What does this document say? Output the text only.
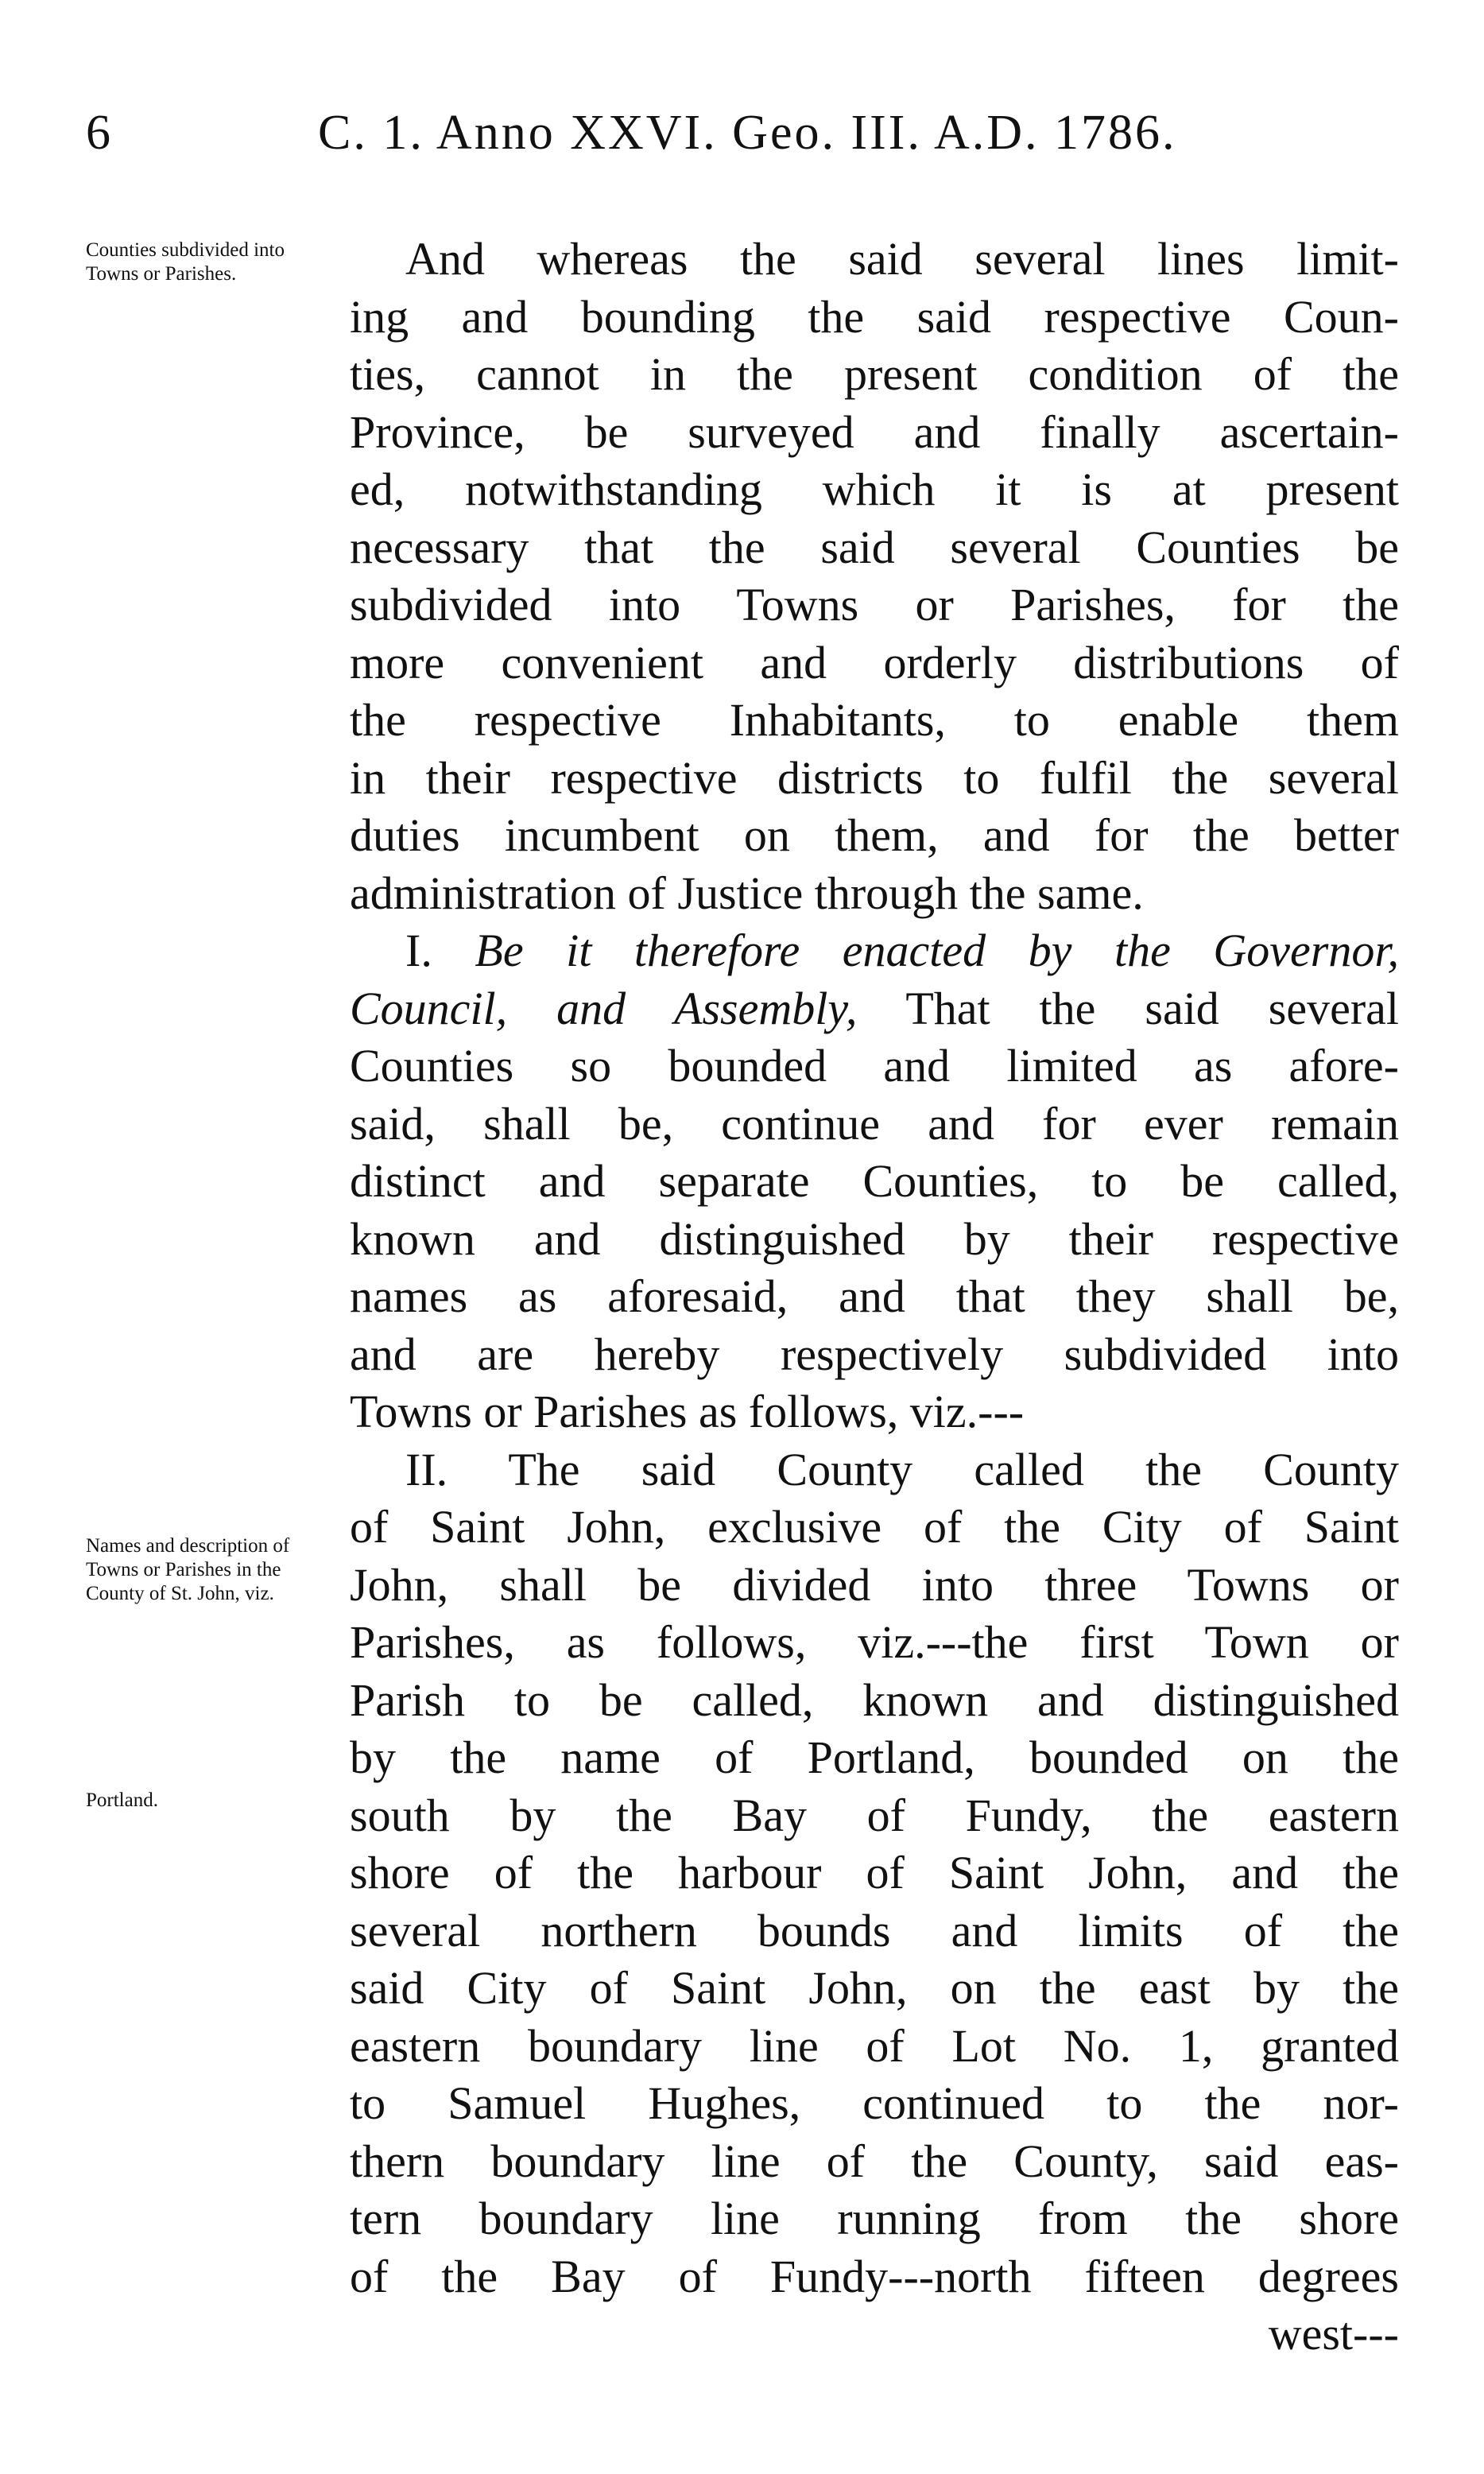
6	C. 1. Anno XXVI. Geo. III. A.D. 1786.
Counties subdivided into Towns or Parishes.
Names and description of Towns or Parishes in the County of St. John, viz.
Portland.
And whereas the said several lines limit-
ing and bounding the said respective Coun-
ties, cannot in the present condition of the
Province, be surveyed and finally ascertain-
ed, notwithstanding which it is at present
necessary that the said several Counties be
subdivided into Towns or Parishes, for the
more convenient and orderly distributions of
the respective Inhabitants, to enable them
in their respective districts to fulfil the several
duties incumbent on them, and for the better
administration of Justice through the same.
I. Be it therefore enacted by the Governor,
Council, and Assembly, That the said several
Counties so bounded and limited as afore-
said, shall be, continue and for ever remain
distinct and separate Counties, to be called,
known and distinguished by their respective
names as aforesaid, and that they shall be,
and are hereby respectively subdivided into
Towns or Parishes as follows, viz.---
II. The said County called the County
of Saint John, exclusive of the City of Saint
John, shall be divided into three Towns or
Parishes, as follows, viz.---the first Town or
Parish to be called, known and distinguished
by the name of Portland, bounded on the
south by the Bay of Fundy, the eastern
shore of the harbour of Saint John, and the
several northern bounds and limits of the
said City of Saint John, on the east by the
eastern boundary line of Lot No. 1, granted
to Samuel Hughes, continued to the nor-
thern boundary line of the County, said eas-
tern boundary line running from the shore
of the Bay of Fundy---north fifteen degrees
west---
